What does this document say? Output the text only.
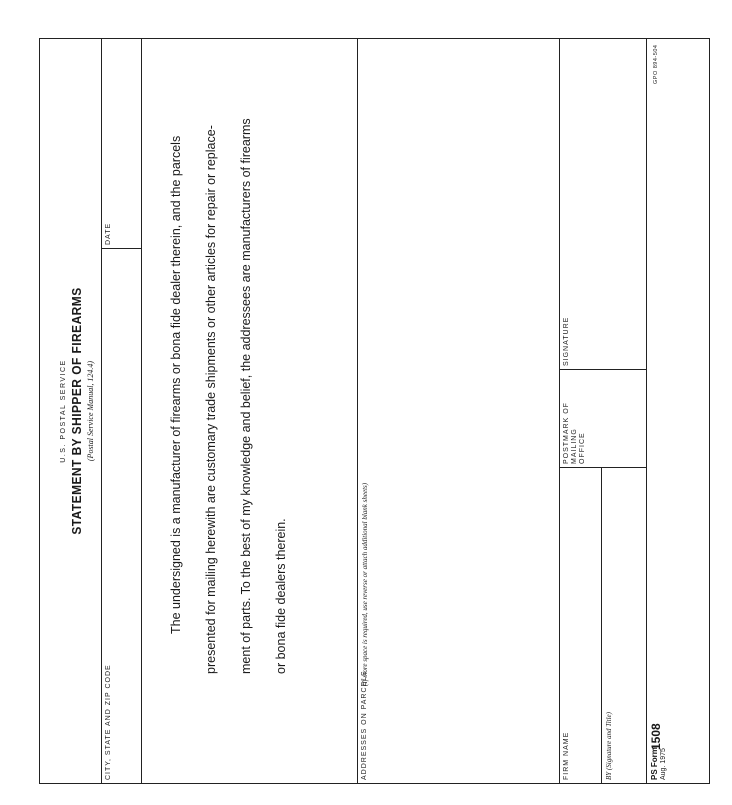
U.S. POSTAL SERVICE STATEMENT BY SHIPPER OF FIREARMS (Postal Service Manual, 124.4)
CITY, STATE AND ZIP CODE
DATE	The undersigned is a manufacturer of firearms or bona fide dealer therein, and the parcels	presented for mailing herewith are customary trade shipments or other articles for repair or replace-	ment of parts. To the best of my knowledge and belief, the addressees are manufacturers of firearms	or bona fide dealers therein.

ADDRESSES ON PARCELS
(If more space is required, use reverse or attach additional blank sheets)
FIRM NAME
POSTMARK OF MAILING OFFICE
SIGNATURE
BY (Signature and Title)	PS Form
Aug. 1975
1508
GPO 894-504
